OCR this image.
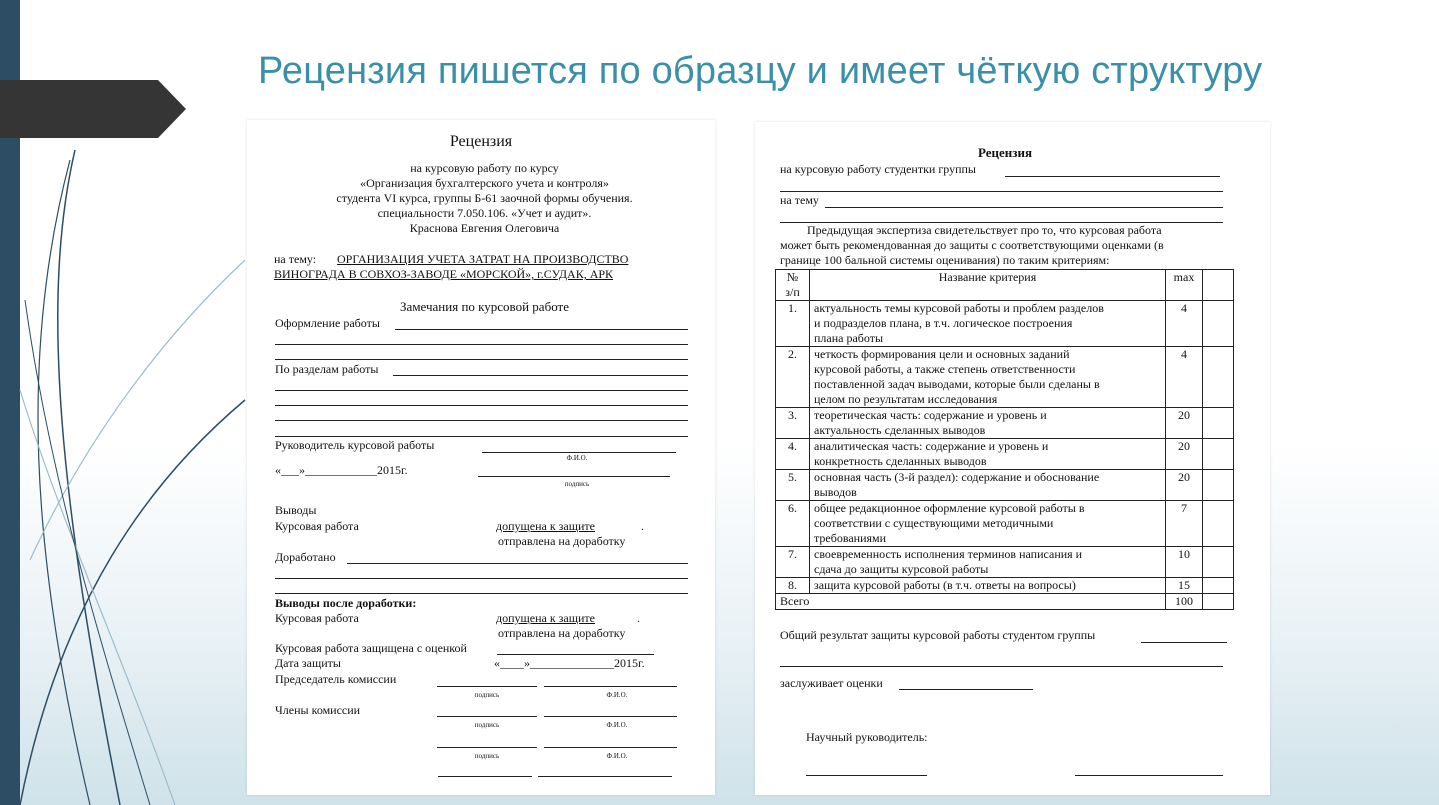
Рецензия пишется по образцу и имеет чёткую структуру
Рецензия
на курсовую работу по курсу
«Организация бухгалтерского учета и контроля»
студента VI курса, группы Б-61 заочной формы обучения.
специальности 7.050.106. «Учет и аудит».
Краснова Евгения Олеговича
на тему: ОРГАНИЗАЦИЯ УЧЕТА ЗАТРАТ НА ПРОИЗВОДСТВО
ВИНОГРАДА В СОВХОЗ-ЗАВОДЕ «МОРСКОЙ», г.СУДАК, АРК
Замечания по курсовой работе
Оформление работы
По разделам работы
Руководитель курсовой работы
Ф.И.О.
«___»____________2015г.
подпись
Выводы
Курсовая работа	допущена к защите	.
отправлена на доработку
Доработано
Выводы после доработки:
Курсовая работа	допущена к защите	.
отправлена на доработку
Курсовая работа защищена с оценкой
Дата защиты	«____»______________2015г.
Председатель комиссии
подпись	Ф.И.О.
Члены комиссии
подпись	Ф.И.О.
подпись	Ф.И.О.
Рецензия
на курсовую работу студентки группы
на тему
Предыдущая экспертиза свидетельствует про то, что курсовая работа
может быть рекомендованная до защиты с соответствующими оценками (в
границе 100 бальной системы оценивания) по таким критериям:
№
з/п	Название критерия	max	
1.	актуальность темы курсовой работы и проблем разделов
и подразделов плана, в т.ч. логическое построения
плана работы	4	
2.	четкость формирования цели и основных заданий
курсовой работы, а также степень ответственности
поставленной задач выводами, которые были сделаны в
целом по результатам исследования	4	
3.	теоретическая часть: содержание и уровень и
актуальность сделанных выводов	20	
4.	аналитическая часть: содержание и уровень и
конкретность сделанных выводов	20	
5.	основная часть (3-й раздел): содержание и обоснование
выводов	20	
6.	общее редакционное оформление курсовой работы в
соответствии с существующими методичными
требованиями	7	
7.	своевременность исполнения терминов написания и
сдача до защиты курсовой работы	10	
8.	защита курсовой работы (в т.ч. ответы на вопросы)	15	
Всего		100	
Общий результат защиты курсовой работы студентом группы
заслуживает оценки
Научный руководитель:
